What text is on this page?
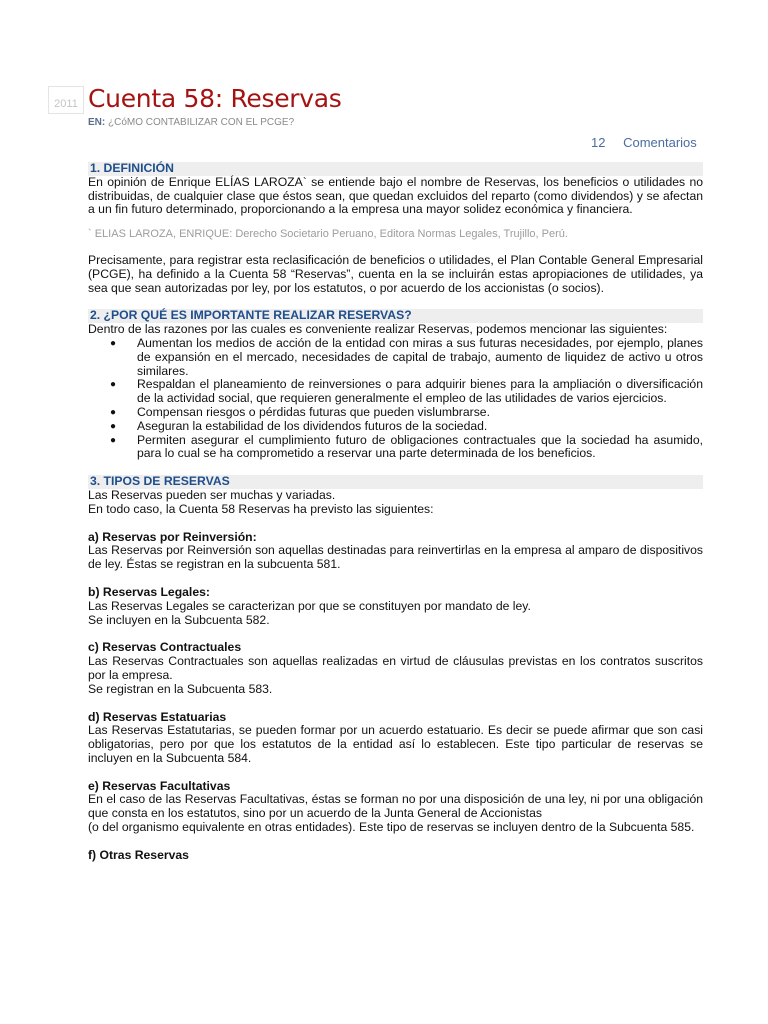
2011 Cuenta 58: Reservas
EN: ¿CóMO CONTABILIZAR CON EL PCGE?
12 Comentarios
1. DEFINICIÓN

En opinión de Enrique ELÍAS LAROZA` se entiende bajo el nombre de Reservas, los beneficios o utilidades no distribuidas, de cualquier clase que éstos sean, que quedan excluidos del reparto (como dividendos) y se afectan a un fin futuro determinado, proporcionando a la empresa una mayor solidez económica y financiera.

` ELIAS LAROZA, ENRIQUE: Derecho Societario Peruano, Editora Normas Legales, Trujillo, Perú.

Precisamente, para registrar esta reclasificación de beneficios o utilidades, el Plan Contable General Empresarial (PCGE), ha definido a la Cuenta 58 “Reservas”, cuenta en la se incluirán estas apropiaciones de utilidades, ya sea que sean autorizadas por ley, por los estatutos, o por acuerdo de los accionistas (o socios).

2. ¿POR QUÉ ES IMPORTANTE REALIZAR RESERVAS?

Dentro de las razones por las cuales es conveniente realizar Reservas, podemos mencionar las siguientes:

● Aumentan los medios de acción de la entidad con miras a sus futuras necesidades, por ejemplo, planes de expansión en el mercado, necesidades de capital de trabajo, aumento de liquidez de activo u otros similares.
● Respaldan el planeamiento de reinversiones o para adquirir bienes para la ampliación o diversificación de la actividad social, que requieren generalmente el empleo de las utilidades de varios ejercicios.
● Compensan riesgos o pérdidas futuras que pueden vislumbrarse.
● Aseguran la estabilidad de los dividendos futuros de la sociedad.
● Permiten asegurar el cumplimiento futuro de obligaciones contractuales que la sociedad ha asumido, para lo cual se ha comprometido a reservar una parte determinada de los beneficios.
3. TIPOS DE RESERVAS

Las Reservas pueden ser muchas y variadas.

En todo caso, la Cuenta 58 Reservas ha previsto las siguientes:

a) Reservas por Reinversión:

Las Reservas por Reinversión son aquellas destinadas para reinvertirlas en la empresa al amparo de dispositivos de ley. Éstas se registran en la subcuenta 581.

b) Reservas Legales:

Las Reservas Legales se caracterizan por que se constituyen por mandato de ley.

Se incluyen en la Subcuenta 582.

c) Reservas Contractuales

Las Reservas Contractuales son aquellas realizadas en virtud de cláusulas previstas en los contratos suscritos por la empresa.

Se registran en la Subcuenta 583.

d) Reservas Estatuarias

Las Reservas Estatutarias, se pueden formar por un acuerdo estatuario. Es decir se puede afirmar que son casi obligatorias, pero por que los estatutos de la entidad así lo establecen. Este tipo particular de reservas se incluyen en la Subcuenta 584.

e) Reservas Facultativas

En el caso de las Reservas Facultativas, éstas se forman no por una disposición de una ley, ni por una obligación que consta en los estatutos, sino por un acuerdo de la Junta General de Accionistas

(o del organismo equivalente en otras entidades). Este tipo de reservas se incluyen dentro de la Subcuenta 585.

f) Otras Reservas
